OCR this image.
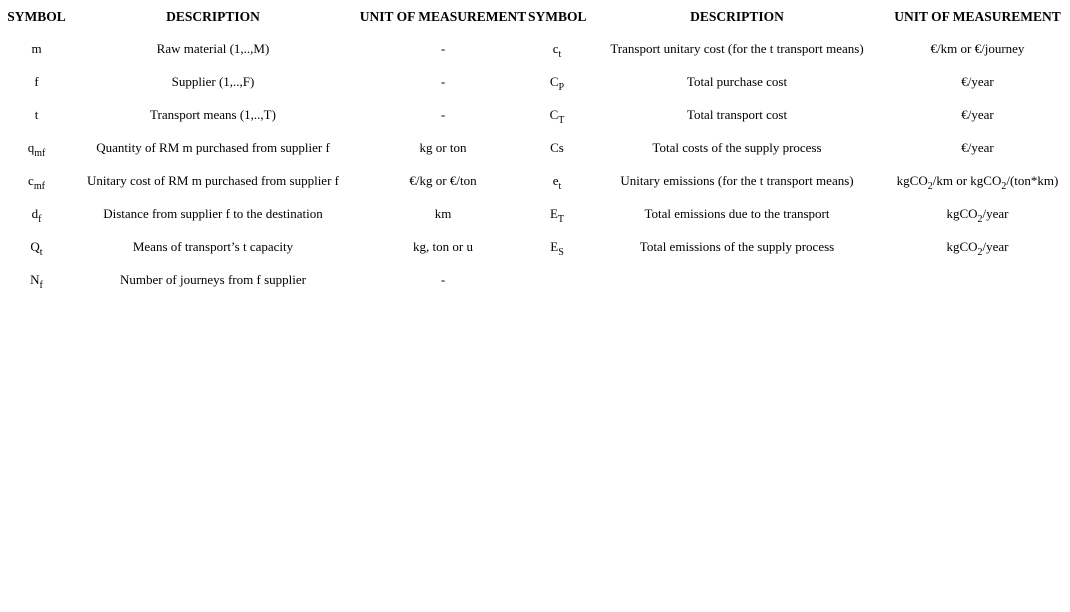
SYMBOL	DESCRIPTION	UNIT OF MEASUREMENT	SYMBOL	DESCRIPTION	UNIT OF MEASUREMENT
m	Raw material (1,..,M)	-	$c_t$	Transport unitary cost (for the t transport means)	€/km or €/journey
f	Supplier (1,..,F)	-	$C_P$	Total purchase cost	€/year
t	Transport means (1,..,T)	-	$C_T$	Total transport cost	€/year
$q_{mf}$	Quantity of RM m purchased from supplier f	kg or ton	Cs	Total costs of the supply process	€/year
$c_{mf}$	Unitary cost of RM m purchased from supplier f	€/kg or €/ton	$e_t$	Unitary emissions (for the t transport means)	kgCO$_2$/km or kgCO$_2$/(ton*km)
$d_f$	Distance from supplier f to the destination	km	$E_T$	Total emissions due to the transport	kgCO$_2$/year
$Q_t$	Means of transport’s t capacity	kg, ton or u	$E_S$	Total emissions of the supply process	kgCO$_2$/year
$N_f$	Number of journeys from f supplier	-			
